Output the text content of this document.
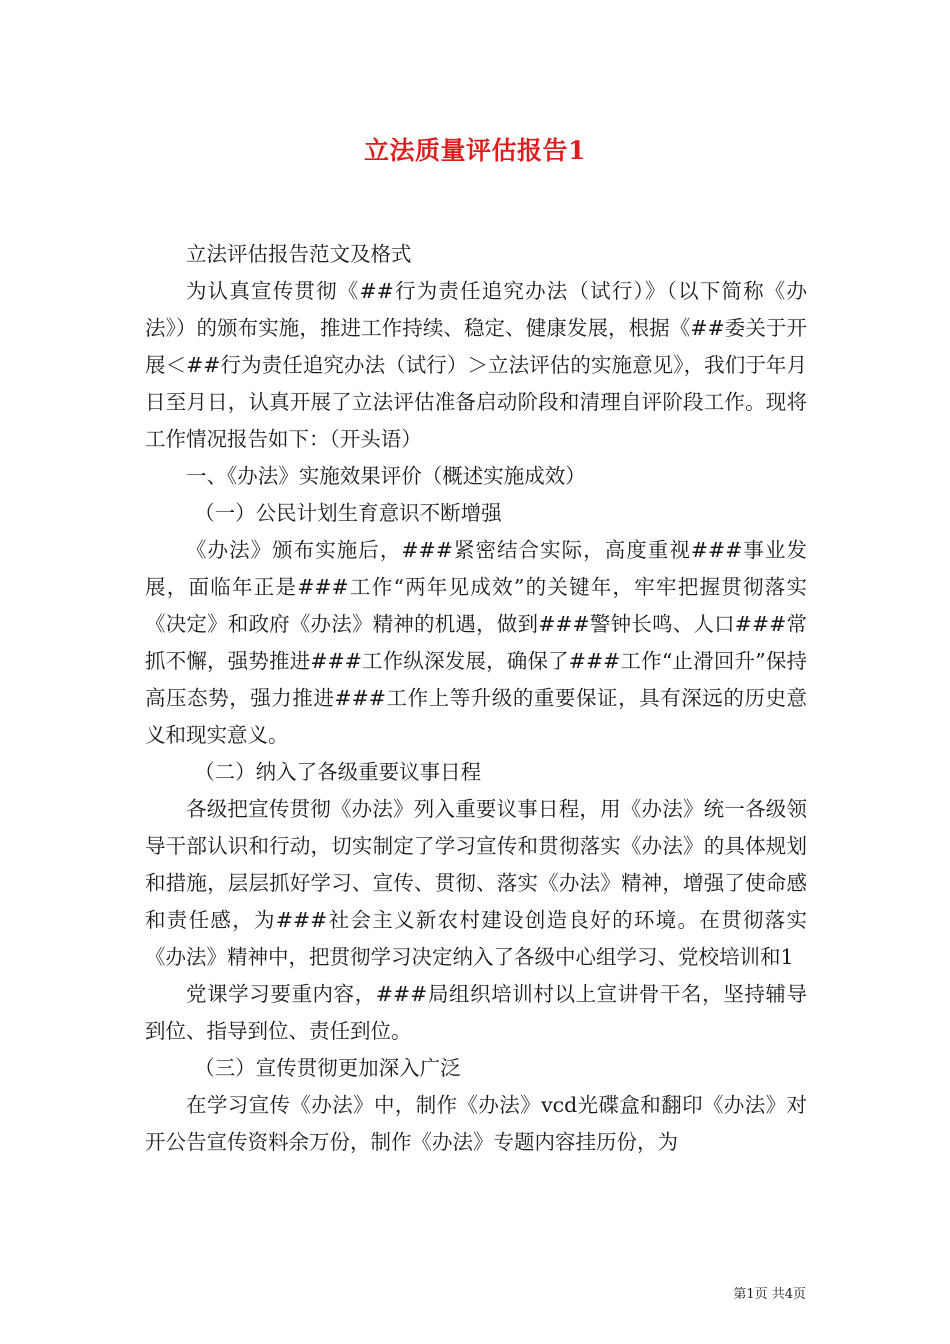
立法质量评估报告1

立法评估报告范文及格式

为认真宣传贯彻《##行为责任追究办法（试行）》（以下简称《办法》）的颁布实施，推进工作持续、稳定、健康发展，根据《##委关于开展＜##行为责任追究办法（试行）＞立法评估的实施意见》，我们于年月日至月日，认真开展了立法评估准备启动阶段和清理自评阶段工作。现将工作情况报告如下：（开头语）

一、《办法》实施效果评价（概述实施成效）

（一）公民计划生育意识不断增强

《办法》颁布实施后，###紧密结合实际，高度重视###事业发展，面临年正是###工作“两年见成效”的关键年，牢牢把握贯彻落实《决定》和政府《办法》精神的机遇，做到###警钟长鸣、人口###常抓不懈，强势推进###工作纵深发展，确保了###工作“止滑回升”保持高压态势，强力推进###工作上等升级的重要保证，具有深远的历史意义和现实意义。

（二）纳入了各级重要议事日程

各级把宣传贯彻《办法》列入重要议事日程，用《办法》统一各级领导干部认识和行动，切实制定了学习宣传和贯彻落实《办法》的具体规划和措施，层层抓好学习、宣传、贯彻、落实《办法》精神，增强了使命感和责任感，为###社会主义新农村建设创造良好的环境。在贯彻落实《办法》精神中，把贯彻学习决定纳入了各级中心组学习、党校培训和1

党课学习要重内容，###局组织培训村以上宣讲骨干名，坚持辅导到位、指导到位、责任到位。

（三）宣传贯彻更加深入广泛

在学习宣传《办法》中，制作《办法》vcd光碟盒和翻印《办法》对开公告宣传资料余万份，制作《办法》专题内容挂历份，为

第1页 共4页
